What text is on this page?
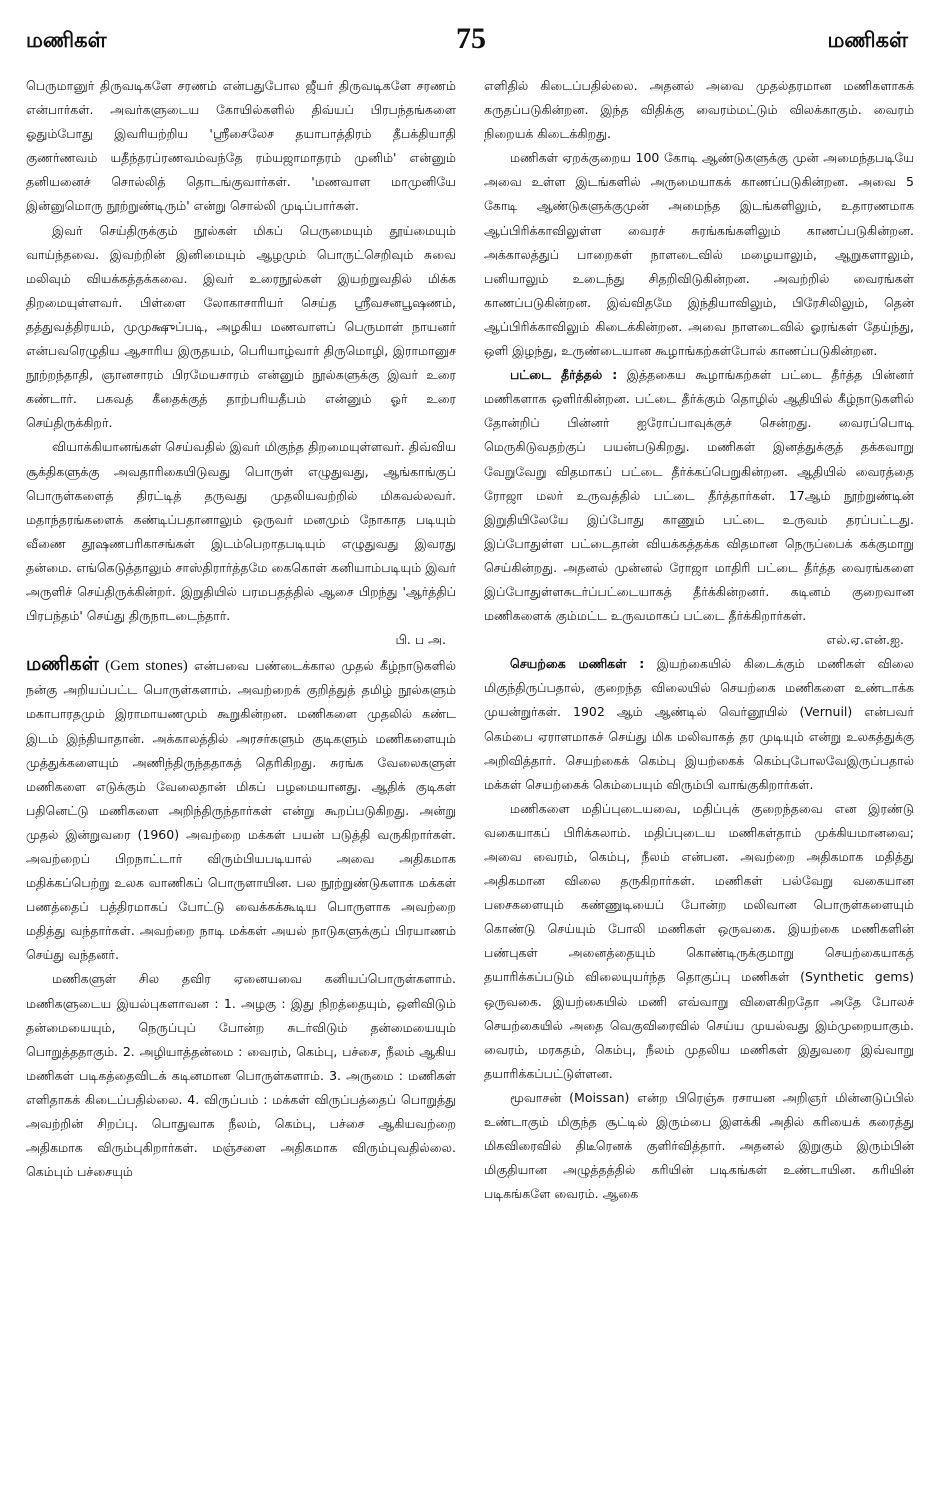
மணிகள்	75	மணிகள்

பெருமானுர் திருவடிகளே சரணம் என்பதுபோல ஜீயர் திருவடிகளே சரணம் என்பார்கள். அவர்களுடைய கோயில்களில் திவ்யப் பிரபந்தங்களை ஓதும்போது இவரியற்றிய 'ஸ்ரீசைலேச தயாபாத்திரம் தீபக்தியாதி குணர்ணவம் யதீந்தரப்ரணவம்வந்தே ரம்யஜாமாதரம் முனிம்' என்னும் தனியனைச் சொல்லித் தொடங்குவார்கள். 'மணவாள மாமுனியே இன்னுமொரு நூற்றுண்டிரும்' என்று சொல்லி முடிப்பார்கள்.

இவர் செய்திருக்கும் நூல்கள் மிகப் பெருமையும் தூய்மையும் வாய்ந்தவை. இவற்றின் இனிமையும் ஆழமும் பொருட்செறிவும் சுவை மலிவும் வியக்கத்தக்கவை. இவர் உரைநூல்கள் இயற்றுவதில் மிக்க திறமையுள்ளவர். பிள்ளை லோகாசாரியர் செய்த ஸ்ரீவசனபூஷணம், தத்துவத்திரயம், முமுக்ஷுப்படி, அழகிய மணவாளப் பெருமாள் நாயனர் என்பவரெழுதிய ஆசாரிய இருதயம், பெரியாழ்வார் திருமொழி, இராமானுச நூற்றந்தாதி, ஞானசாரம் பிரமேயசாரம் என்னும் நூல்களுக்கு இவர் உரை கண்டார். பகவத் கீதைக்குத் தாற்பரியதீபம் என்னும் ஓர் உரை செய்திருக்கிறர்.

வியாக்கியானங்கள் செய்வதில் இவர் மிகுந்த திறமையுள்ளவர். திவ்விய சூக்திகளுக்கு அவதாரிகையிடுவது பொருள் எழுதுவது, ஆங்காங்குப் பொருள்களைத் திரட்டித் தருவது முதலியவற்றில் மிகவல்லவர். மதாந்தரங்களைக் கண்டிப்பதானாலும் ஒருவர் மனமும் நோகாத படியும் வீணை தூஷணபரிகாசங்கள் இடம்பெறாதபடியும் எழுதுவது இவரது தன்மை. எங்கெடுத்தாலும் சாஸ்திரார்த்தமே கைகொள் கனியாம்படியும் இவர் அருளிச் செய்திருக்கின்றர். இறுதியில் பரமபதத்தில் ஆசை பிறந்து 'ஆர்த்திப் பிரபந்தம்' செய்து திருநாடடைந்தார்.

பி. ப அ.

மணிகள் (Gem stones) என்பவை பண்டைக்கால முதல் கீழ்நாடுகளில் நன்கு அறியப்பட்ட பொருள்களாம். அவற்றைக் குறித்துத் தமிழ் நூல்களும் மகாபாரதமும் இராமாயணமும் கூறுகின்றன. மணிகளை முதலில் கண்ட இடம் இந்தியாதான். அக்காலத்தில் அரசர்களும் குடிகளும் மணிகளையும் முத்துக்களையும் அணிந்திருந்ததாகத் தெரிகிறது. சுரங்க வேலைகளுள் மணிகளை எடுக்கும் வேலைதான் மிகப் பழமையானது. ஆதிக் குடிகள் பதினெட்டு மணிகளை அறிந்திருந்தார்கள் என்று கூறப்படுகிறது. அன்று முதல் இன்றுவரை (1960) அவற்றை மக்கள் பயன் படுத்தி வருகிறார்கள். அவற்றைப் பிறநாட்டார் விரும்பியபடியால் அவை அதிகமாக மதிக்கப்பெற்று உலக வாணிகப் பொருளாயின. பல நூற்றுண்டுகளாக மக்கள் பணத்தைப் பத்திரமாகப் போட்டு வைக்கக்கூடிய பொருளாக அவற்றை மதித்து வந்தார்கள். அவற்றை நாடி மக்கள் அயல் நாடுகளுக்குப் பிரயாணம் செய்து வந்தனர்.

மணிகளுள் சில தவிர ஏனையவை கனியப்பொருள்களாம். மணிகளுடைய இயல்புகளாவன : 1. அழகு : இது நிறத்தையும், ஒளிவிடும் தன்மையையும், நெருப்புப் போன்ற சுடர்விடும் தன்மையையும் பொறுத்ததாகும். 2. அழியாத்தன்மை : வைரம், கெம்பு, பச்சை, நீலம் ஆகிய மணிகள் படிகத்தைவிடக் கடினமான பொருள்களாம். 3. அருமை : மணிகள் எளிதாகக் கிடைப்பதில்லை. 4. விருப்பம் : மக்கள் விருப்பத்தைப் பொறுத்து அவற்றின் சிறப்பு. பொதுவாக நீலம், கெம்பு, பச்சை ஆகியவற்றை அதிகமாக விரும்புகிறார்கள். மஞ்சளை அதிகமாக விரும்புவதில்லை. கெம்பும் பச்சையும்

எளிதில் கிடைப்பதில்லை. அதனல் அவை முதல்தரமான மணிகளாகக் கருதப்படுகின்றன. இந்த விதிக்கு வைரம்மட்டும் விலக்காகும். வைரம் நிறையக் கிடைக்கிறது.

மணிகள் ஏறக்குறைய 100 கோடி ஆண்டுகளுக்கு முன் அமைந்தபடியே அவை உள்ள இடங்களில் அருமையாகக் காணப்படுகின்றன. அவை 5 கோடி ஆண்டுகளுக்குமுன் அமைந்த இடங்களிலும், உதாரணமாக ஆப்பிரிக்காவிலுள்ள வைரச் சுரங்கங்களிலும் காணப்படுகின்றன. அக்காலத்துப் பாறைகள் நாளடைவில் மழையாலும், ஆறுகளாலும், பனியாலும் உடைந்து சிதறிவிடுகின்றன. அவற்றில் வைரங்கள் காணப்படுகின்றன. இவ்விதமே இந்தியாவிலும், பிரேசிலிலும், தென் ஆப்பிரிக்காவிலும் கிடைக்கின்றன. அவை நாளடைவில் ஓரங்கள் தேய்ந்து, ஒளி இழந்து, உருண்டையான கூழாங்கற்கள்போல் காணப்படுகின்றன.

பட்டை தீர்த்தல் : இத்தகைய கூழாங்கற்கள் பட்டை தீர்த்த பின்னர் மணிகளாக ஒளிர்கின்றன. பட்டை தீர்க்கும் தொழில் ஆதியில் கீழ்நாடுகளில் தோன்றிப் பின்னர் ஐரோப்பாவுக்குச் சென்றது. வைரப்பொடி மெருகிடுவதற்குப் பயன்படுகிறது. மணிகள் இனத்துக்குத் தக்கவாறு வேறுவேறு விதமாகப் பட்டை தீர்க்கப்பெறுகின்றன. ஆதியில் வைரத்தை ரோஜா மலர் உருவத்தில் பட்டை தீர்த்தார்கள். 17ஆம் நூற்றுண்டின் இறுதியிலேயே இப்போது காணும் பட்டை உருவம் தரப்பட்டது. இப்போதுள்ள பட்டைதான் வியக்கத்தக்க விதமான நெருப்பைக் கக்குமாறு செய்கின்றது. அதனல் முன்னல் ரோஜா மாதிரி பட்டை தீர்த்த வைரங்களை இப்போதுள்ளசுடர்ப்பட்டையாகத் தீர்க்கின்றனர். கடினம் குறைவான மணிகளைக் கும்மட்ட உருவமாகப் பட்டை தீர்க்கிறார்கள்.

எல்.ஏ.என்.ஐ.

செயற்கை மணிகள் : இயற்கையில் கிடைக்கும் மணிகள் விலை மிகுந்திருப்பதால், குறைந்த விலையில் செயற்கை மணிகளை உண்டாக்க முயன்றுர்கள். 1902 ஆம் ஆண்டில் வெர்னூயில் (Vernuil) என்பவர் கெம்பை ஏராளமாகச் செய்து மிக மலிவாகத் தர முடியும் என்று உலகத்துக்கு அறிவித்தார். செயற்கைக் கெம்பு இயற்கைக் கெம்புபோலவேஇருப்பதால் மக்கள் செயற்கைக் கெம்பையும் விரும்பி வாங்குகிறார்கள்.

மணிகளை மதிப்புடையவை, மதிப்புக் குறைந்தவை என இரண்டு வகையாகப் பிரிக்கலாம். மதிப்புடைய மணிகள்தாம் முக்கியமானவை; அவை வைரம், கெம்பு, நீலம் என்பன. அவற்றை அதிகமாக மதித்து அதிகமான விலை தருகிறார்கள். மணிகள் பல்வேறு வகையான பசைகளையும் கண்ணுடியைப் போன்ற மலிவான பொருள்களையும் கொண்டு செய்யும் போலி மணிகள் ஒருவகை. இயற்கை மணிகளின் பண்புகள் அனைத்தையும் கொண்டிருக்குமாறு செயற்கையாகத் தயாரிக்கப்படும் விலையுயர்ந்த தொகுப்பு மணிகள் (Synthetic gems) ஒருவகை. இயற்கையில் மணி எவ்வாறு விளைகிறதோ அதே போலச் செயற்கையில் அதை வெகுவிரைவில் செய்ய முயல்வது இம்முறையாகும். வைரம், மரகதம், கெம்பு, நீலம் முதலிய மணிகள் இதுவரை இவ்வாறு தயாரிக்கப்பட்டுள்ளன.

மூவாசன் (Moissan) என்ற பிரெஞ்சு ரசாயன அறிஞர் மின்னடுப்பில் உண்டாகும் மிகுந்த சூட்டில் இரும்பை இளக்கி அதில் கரியைக் கரைத்து மிகவிரைவில் திடீரெனக் குளிர்வித்தார். அதனல் இறுகும் இரும்பின் மிகுதியான அழுத்தத்தில் கரியின் படிகங்கள் உண்டாயின. கரியின் படிகங்களே வைரம். ஆகை
